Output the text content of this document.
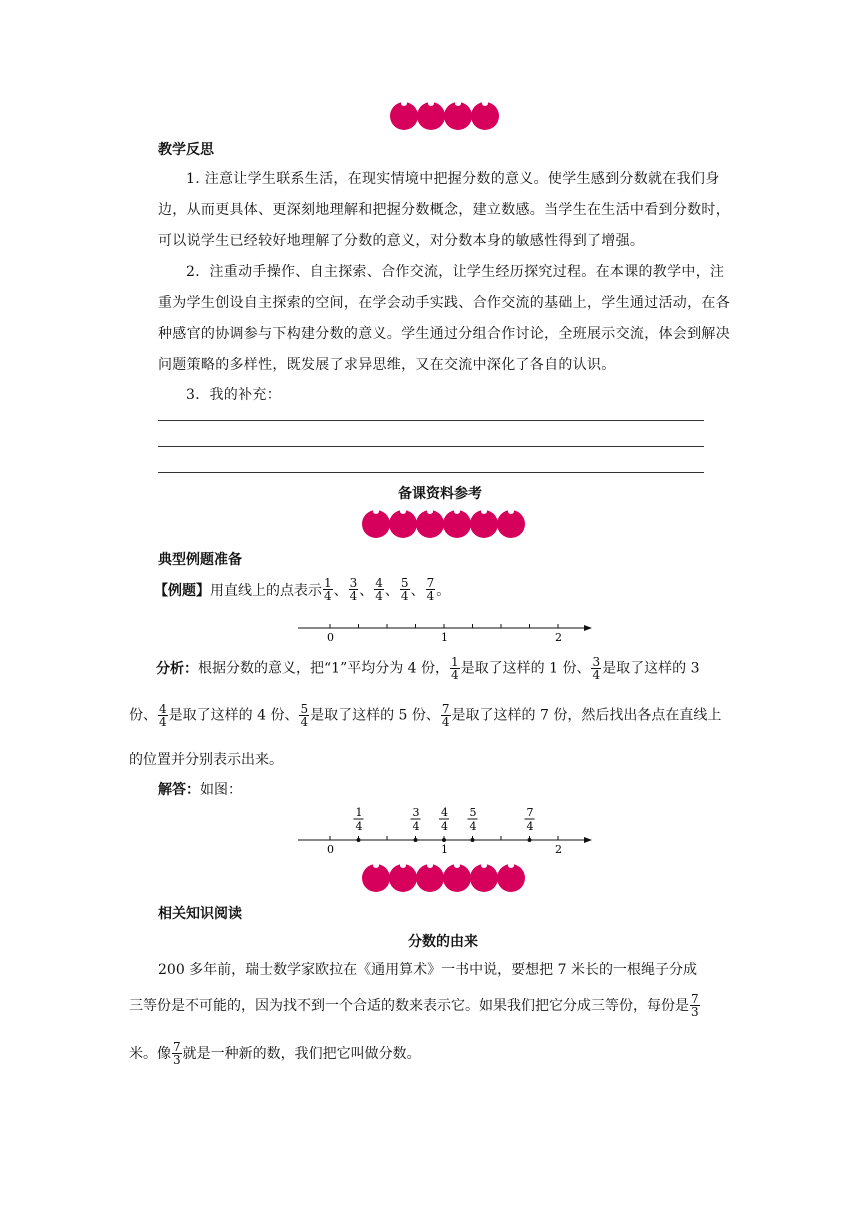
教学反思
1. 注意让学生联系生活，在现实情境中把握分数的意义。使学生感到分数就在我们身边，从而更具体、更深刻地理解和把握分数概念，建立数感。当学生在生活中看到分数时，可以说学生已经较好地理解了分数的意义，对分数本身的敏感性得到了增强。
2．注重动手操作、自主探索、合作交流，让学生经历探究过程。在本课的教学中，注重为学生创设自主探索的空间，在学会动手实践、合作交流的基础上，学生通过活动，在各种感官的协调参与下构建分数的意义。学生通过分组合作讨论，全班展示交流，体会到解决问题策略的多样性，既发展了求异思维，又在交流中深化了各自的认识。
3．我的补充：
备课资料参考
典型例题准备
【例题】 用直线上的点表示 $\frac{1}{4}$ 、 $\frac{3}{4}$ 、 $\frac{4}{4}$ 、 $\frac{5}{4}$ 、 $\frac{7}{4}$ 。
0	1	2
分析：根据分数的意义，把“1”平均分为 4 份， $\frac{1}{4}$ 是取了这样的 1 份、 $\frac{3}{4}$ 是取了这样的 3
份、 $\frac{4}{4}$ 是取了这样的 4 份、 $\frac{5}{4}$ 是取了这样的 5 份、 $\frac{7}{4}$ 是取了这样的 7 份，然后找出各点在直线上
的位置并分别表示出来。
解答：如图：
0	1	2
1
4
3
4
4
4
5
4
7
4
相关知识阅读
分数的由来
200 多年前，瑞士数学家欧拉在《通用算术》一书中说，要想把 7 米长的一根绳子分成
三等份是不可能的，因为找不到一个合适的数来表示它。如果我们把它分成三等份，每份是 $\frac{7}{3}$
米。像 $\frac{7}{3}$ 就是一种新的数，我们把它叫做分数。
